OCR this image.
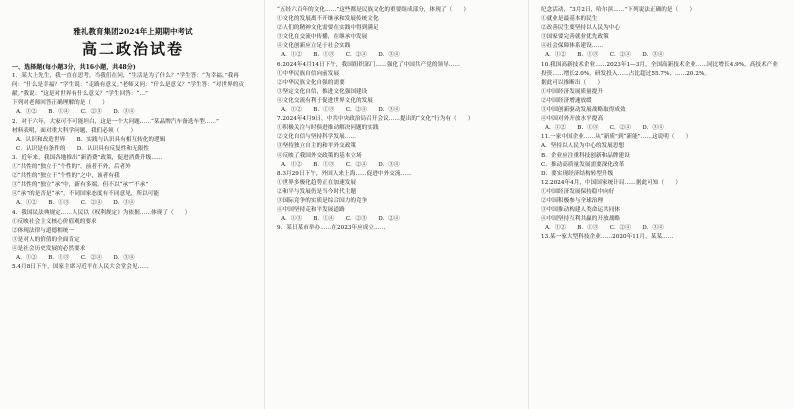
雅礼教育集团2024年上期期中考试
高二政治试卷

一、选择题(每小题3分，共16小题，共48分)

1．某大上先生，我一直在思考，当我们在问，“生活是为了什么？”学生答：“为幸福。”我再问：“什么是幸福？”学生说：“走路有意义。”老师又问：“什么是意义？”学生答：“对世界的贡献。”我说：“这是对世界有什么意义？”学生回答：“…”

下列对老师回答正确理解的是（　　）

A．①②　　B．①④　　C．②③　　D．③④

2．对于六年，大家可不可能坦白，这是一个大问题……“某品牌汽车备选车型……”

材料表明，面对重大科学问题，我们必须（　　）

A．认识和改造世界　　B．实践与认识具有相互转化的逻辑

C．认识是有条件的　　D．认识具有反复性和无限性

3．近年来，我国各地推出“新消费”政策，促进消费升级……

①“共性的”独立于“个性的”，前者不外，后者外

②“共性的”独立于“个性的”之中，该者有我

③“共性的”独立“承”中，新有多端，但不以“承”“不承”

④“承”的是否是“承”，不同国家态度有不同意见，所以可能

A．①②　　B．①③　　C．②④　　D．③④

4．我国民法典规定……人民以《权利规定》为依据……体现了（　　）

①反映社会主义核心价值观的要求

②体现法律与道德相统一

③是对人的价值的全面肯定

④是社会历史发展的必然要求

A．①②　　B．①③　　C．②④　　D．③④

5.4月8日下午，国家主席习近平在人民大会堂会见……

“五经六百年的文化……”这些都是民族文化的重要组成部分，体现了（　　）

①文化的发展离不开继承和发展传统文化

②人们的精神文化需要在实践中得到满足

③文化在交流中传播，在继承中发展

④文化创新应立足于社会实践

A．①②　　B．①③　　C．②④　　D．③④

6.2024年4月14日下午，我国组织部门……强化了中国共产党的领导……

①中华民族自信向前发展

②中华民族文化自强的需要

③坚定文化自信，推进文化强国建设

④文化交流有利于促进世界文化的发展

A．①②　　B．①③　　C．②④　　D．③④

7.2024年4月9日，中共中央政治局召开会议……提出的“文化”行为有（　　）

①积极关注与时俱进推动解决问题的实践

②文化自信与坚持科学发展……

③坚持独立自主的和平外交政策

④反映了我国外交政策的基本立场

A．①②　　B．①③　　C．②④　　D．③④

8.3月29日下午，外国人来上海……促进中外交流……

①世界多极化趋势正在加速发展

②和平与发展仍是当今时代主题

③国际竞争的实质是综合国力的竞争

④中国坚持走和平发展道路

A．①③　　B．①④　　C．②③　　D．②④

9．某日某市举办……在2023年应成立……

纪念活动，“3月2日，哈尔滨……”下列说法正确的是（　　）

①就业是最基本的民生

②改善民生要坚持以人民为中心

③国家要完善就业优先政策

④社会保障体系建设……

A．①②　　B．①③　　C．②④　　D．③④

10.我国高新技术企业……2023年1—3月，全国高新技术企业……同比增长4.9%，高技术产业投资……增长2.0%，研发投入……占比超过55.7%，……20.2%。

据此可以推断出（　　）

①中国经济发展质量提升

②中国经济增速放缓

③中国创新驱动发展战略取得成效

④中国对外开放水平提高

A．①②　　B．①③　　C．②④　　D．③④

11.一家中国企业……从“新质”到“新能”……这说明（　　）

A．坚持以人民为中心的发展思想

B．企业应注重科技创新和品牌建设

C．推动高质量发展需要深化改革

D．要实现经济结构转型升级

12.2024年4月，中国国家统计局……据此可知（　　）

①中国经济发展保持稳中向好

②中国积极参与全球治理

③中国推动构建人类命运共同体

④中国坚持互利共赢的开放战略

A．①②　　B．①③　　C．②④　　D．③④

13.某一家大型科技企业……2020年11月，某某……
